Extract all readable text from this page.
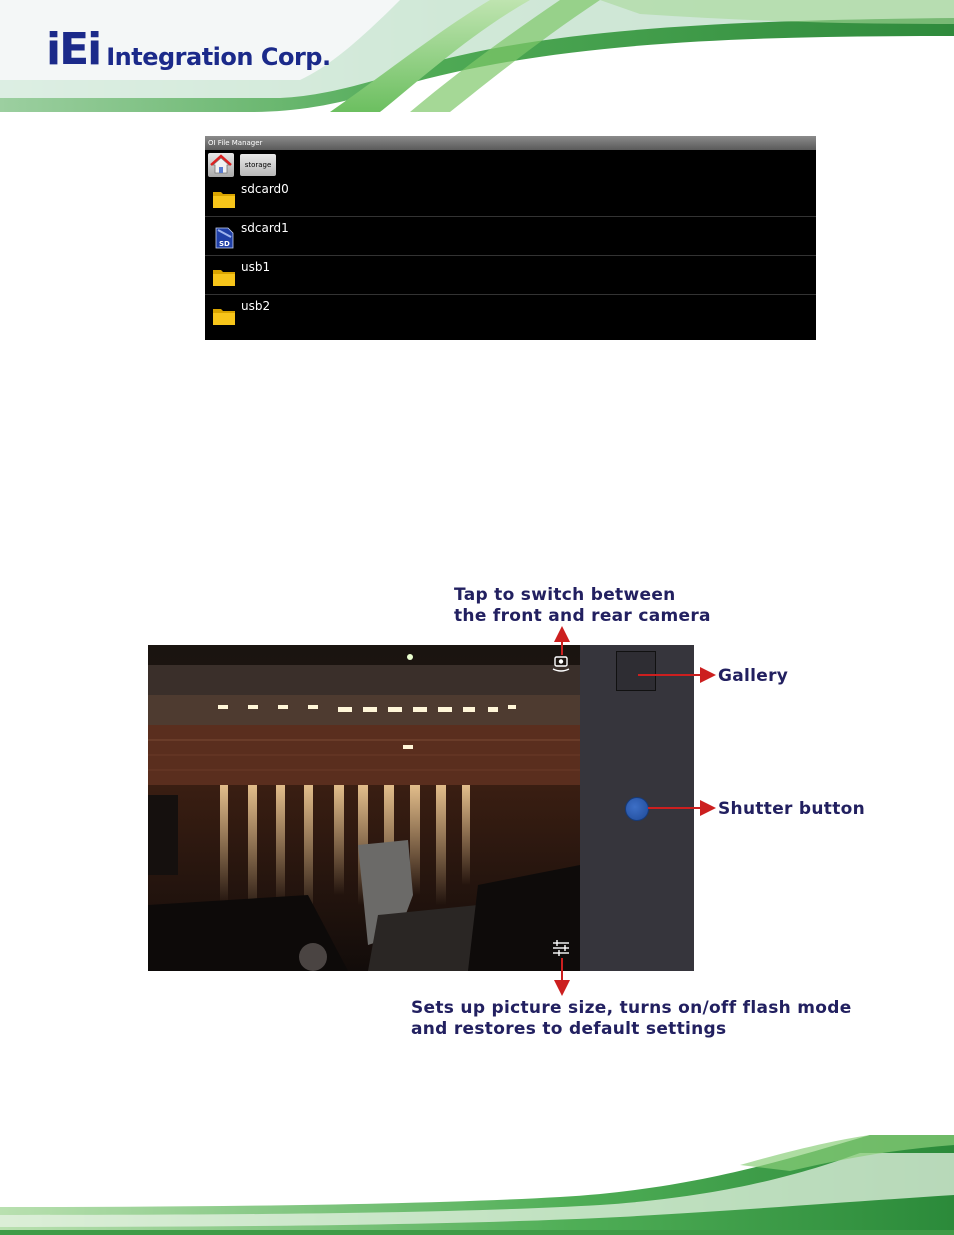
iEi Integration Corp.
OI File Manager
storage
sdcard0
SD
sdcard1
usb1
usb2
Tap to switch between
the front and rear camera
Gallery
Shutter button
Sets up picture size, turns on/off flash mode
and restores to default settings
